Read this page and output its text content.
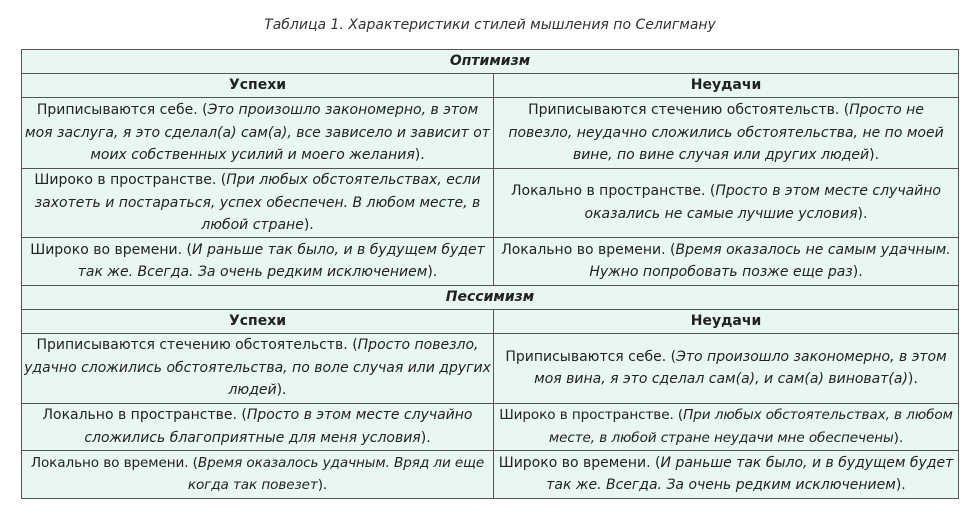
Таблица 1. Характеристики стилей мышления по Селигману
Оптимизм	
Успехи	Неудачи
Приписываются себе. (Это произошло закономерно, в этом моя заслуга, я это сделал(а) сам(а), все зависело и зависит от моих собственных усилий и моего желания).	Приписываются стечению обстоятельств. (Просто не повезло, неудачно сложились обстоятельства, не по моей вине, по вине случая или других людей).
Широко в пространстве. (При любых обстоятельствах, если захотеть и постараться, успех обеспечен. В любом месте, в любой стране).	Локально в пространстве. (Просто в этом месте случайно оказались не самые лучшие условия).
Широко во времени. (И раньше так было, и в будущем будет так же. Всегда. За очень редким исключением).	Локально во времени. (Время оказалось не самым удачным. Нужно попробовать позже еще раз).
Пессимизм	
Успехи	Неудачи
Приписываются стечению обстоятельств. (Просто повезло, удачно сложились обстоятельства, по воле случая или других людей).	Приписываются себе. (Это произошло закономерно, в этом моя вина, я это сделал сам(а), и сам(а) виноват(а)).
Локально в пространстве. (Просто в этом месте случайно сложились благоприятные для меня условия).	Широко в пространстве. (При любых обстоятельствах, в любом месте, в любой стране неудачи мне обеспечены).
Локально во времени. (Время оказалось удачным. Вряд ли еще когда так повезет).	Широко во времени. (И раньше так было, и в будущем будет так же. Всегда. За очень редким исключением).
